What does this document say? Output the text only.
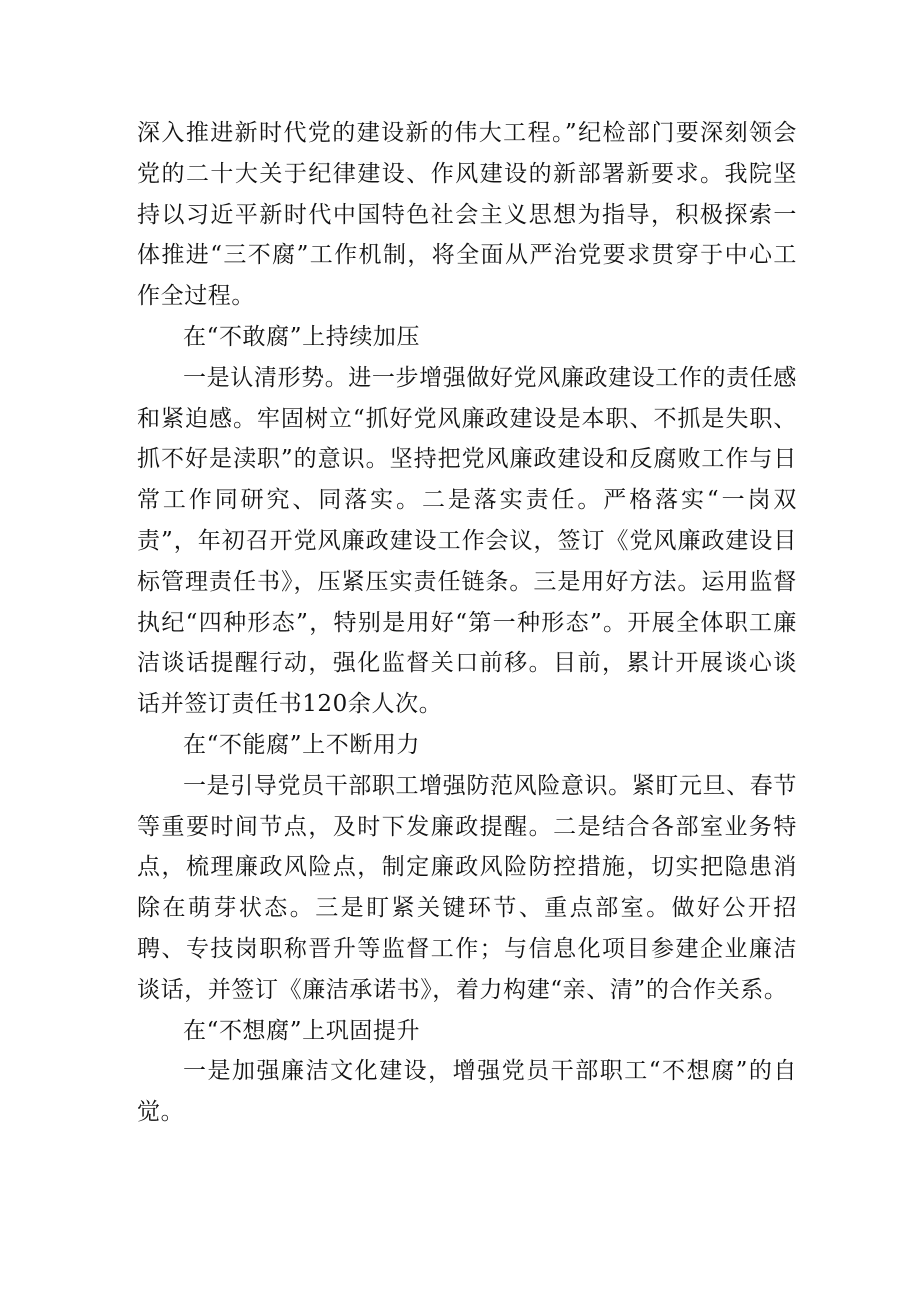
深入推进新时代党的建设新的伟大工程。”纪检部门要深刻领会党的二十大关于纪律建设、作风建设的新部署新要求。我院坚持以习近平新时代中国特色社会主义思想为指导，积极探索一体推进“三不腐”工作机制，将全面从严治党要求贯穿于中心工作全过程。

在“不敢腐”上持续加压

一是认清形势。进一步增强做好党风廉政建设工作的责任感和紧迫感。牢固树立“抓好党风廉政建设是本职、不抓是失职、抓不好是渎职”的意识。坚持把党风廉政建设和反腐败工作与日常工作同研究、同落实。二是落实责任。严格落实“一岗双责”，年初召开党风廉政建设工作会议，签订《党风廉政建设目标管理责任书》，压紧压实责任链条。三是用好方法。运用监督执纪“四种形态”，特别是用好“第一种形态”。开展全体职工廉洁谈话提醒行动，强化监督关口前移。目前，累计开展谈心谈话并签订责任书120余人次。

在“不能腐”上不断用力

一是引导党员干部职工增强防范风险意识。紧盯元旦、春节等重要时间节点，及时下发廉政提醒。二是结合各部室业务特点，梳理廉政风险点，制定廉政风险防控措施，切实把隐患消除在萌芽状态。三是盯紧关键环节、重点部室。做好公开招聘、专技岗职称晋升等监督工作；与信息化项目参建企业廉洁谈话，并签订《廉洁承诺书》，着力构建“亲、清”的合作关系。

在“不想腐”上巩固提升

一是加强廉洁文化建设，增强党员干部职工“不想腐”的自觉。
